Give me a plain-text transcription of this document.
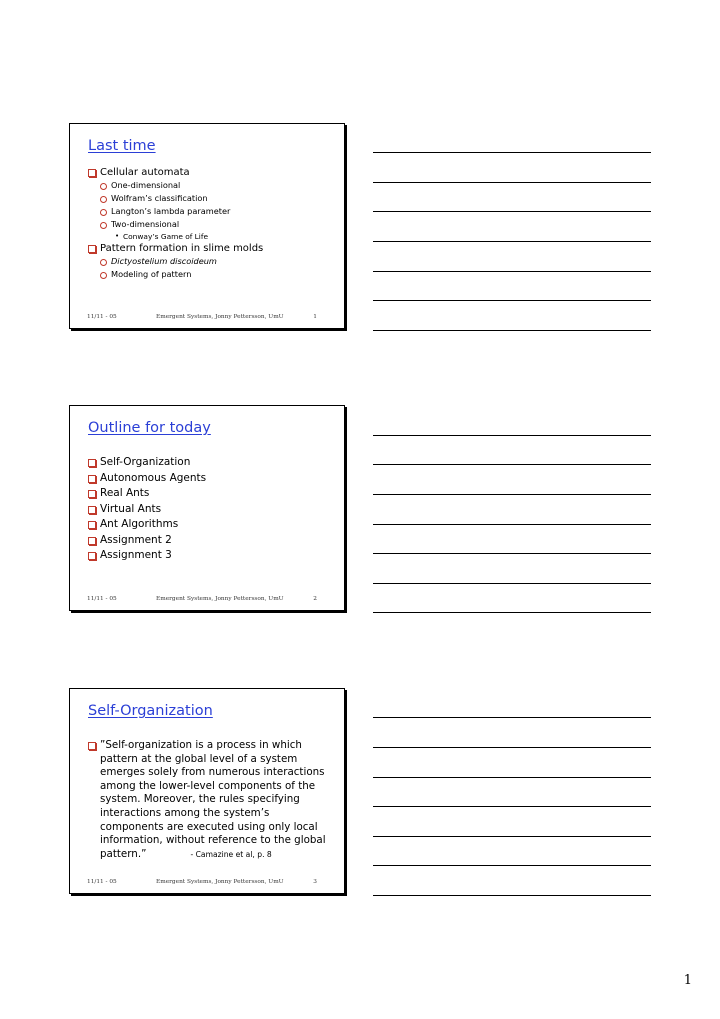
Last time
Cellular automata
One-dimensional
Wolfram’s classification
Langton’s lambda parameter
Two-dimensional
• Conway’s Game of Life
Pattern formation in slime molds
Dictyostelium discoideum
Modeling of pattern
11/11 - 05	Emergent Systems, Jonny Pettersson, UmU	1
Outline for today
Self-Organization
Autonomous Agents
Real Ants
Virtual Ants
Ant Algorithms
Assignment 2
Assignment 3
11/11 - 05	Emergent Systems, Jonny Pettersson, UmU	2
Self-Organization
”Self-organization is a process in which pattern at the global level of a system emerges solely from numerous interactions among the lower-level components of the system. Moreover, the rules specifying interactions among the system’s components are executed using only local information, without reference to the global pattern.”	- Camazine et al, p. 8
11/11 - 05	Emergent Systems, Jonny Pettersson, UmU	3
1
